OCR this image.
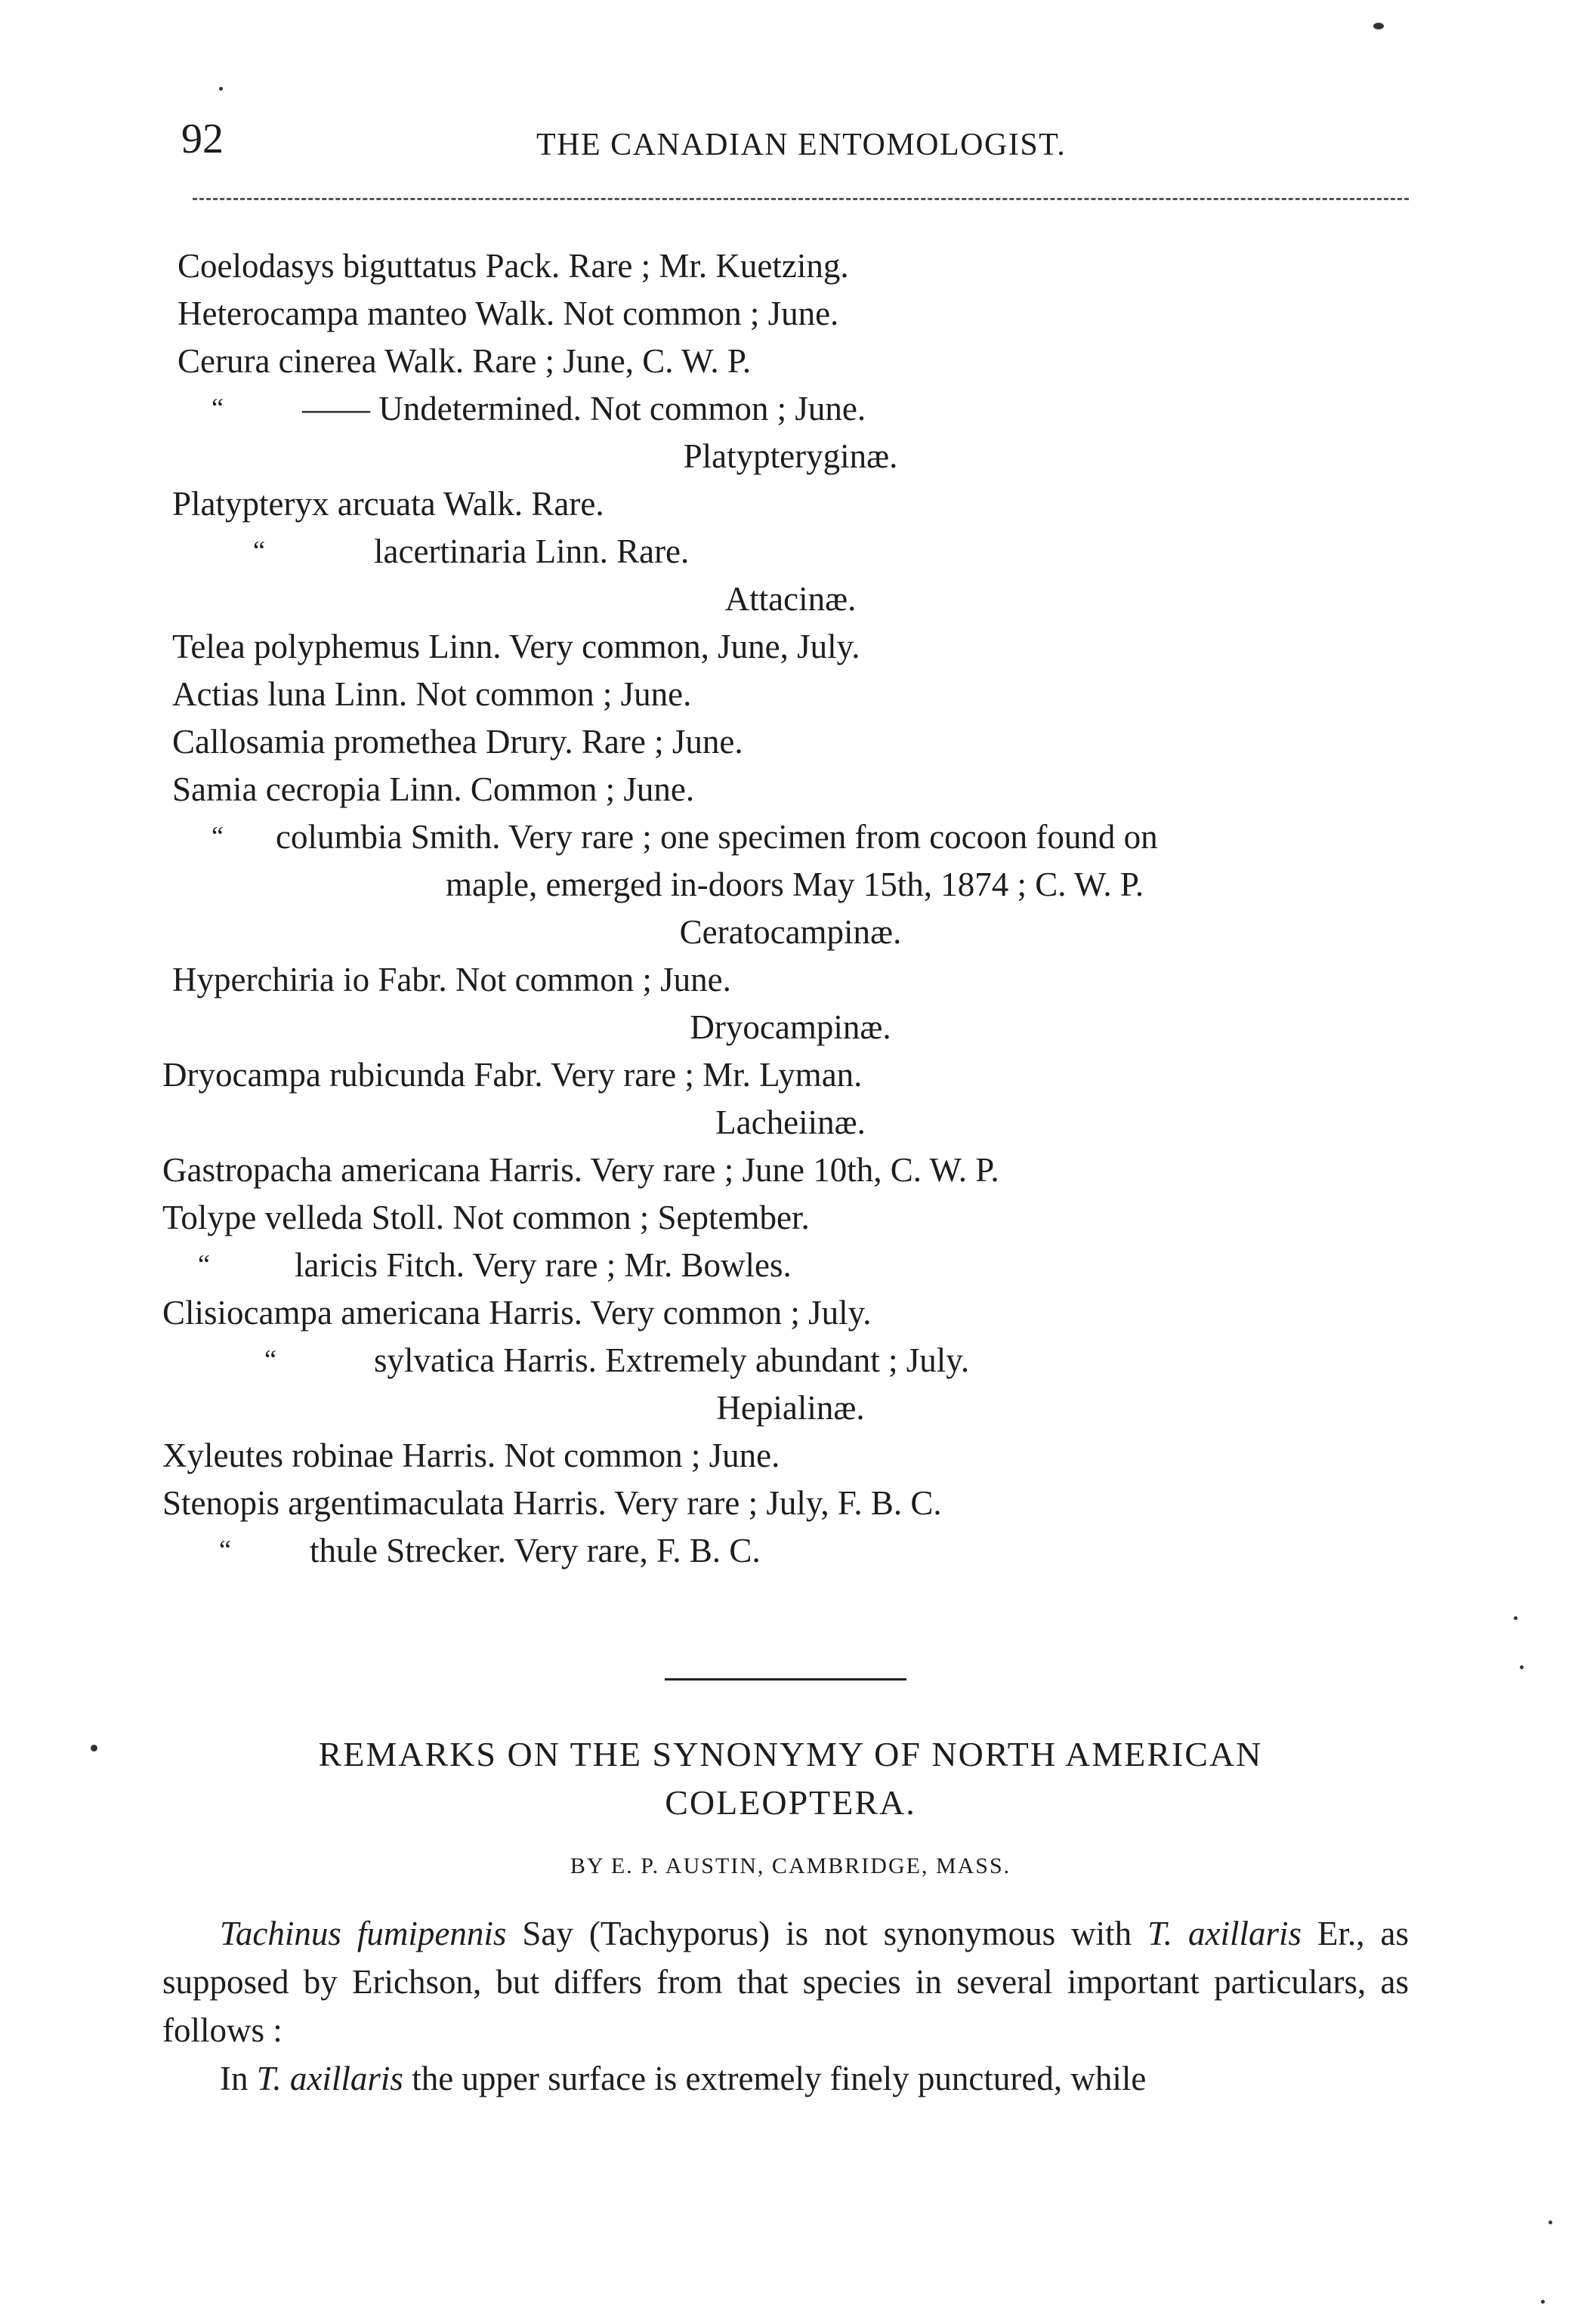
92	THE CANADIAN ENTOMOLOGIST.
Coelodasys biguttatus Pack. Rare ; Mr. Kuetzing.
Heterocampa manteo Walk. Not common ; June.
Cerura cinerea Walk. Rare ; June, C. W. P.
“ —— Undetermined. Not common ; June.
Platypteryginæ.
Platypteryx arcuata Walk. Rare.
“	lacertinaria Linn. Rare.
Attacinæ.
Telea polyphemus Linn. Very common, June, July.
Actias luna Linn. Not common ; June.
Callosamia promethea Drury. Rare ; June.
Samia cecropia Linn. Common ; June.
“ columbia Smith. Very rare ; one specimen from cocoon found on
maple, emerged in-doors May 15th, 1874 ; C. W. P.
Ceratocampinæ.
Hyperchiria io Fabr. Not common ; June.
Dryocampinæ.
Dryocampa rubicunda Fabr. Very rare ; Mr. Lyman.
Lacheiinæ.
Gastropacha americana Harris. Very rare ; June 10th, C. W. P.
Tolype velleda Stoll. Not common ; September.
“ laricis Fitch. Very rare ; Mr. Bowles.
Clisiocampa americana Harris. Very common ; July.
“	sylvatica Harris. Extremely abundant ; July.
Hepialinæ.
Xyleutes robinae Harris. Not common ; June.
Stenopis argentimaculata Harris. Very rare ; July, F. B. C.
“ thule Strecker. Very rare, F. B. C.
REMARKS ON THE SYNONYMY OF NORTH AMERICAN
COLEOPTERA.
BY E. P. AUSTIN, CAMBRIDGE, MASS.
Tachinus fumipennis Say (Tachyporus) is not synonymous with T. axillaris Er., as supposed by Erichson, but differs from that species in several important particulars, as follows :
In T. axillaris the upper surface is extremely finely punctured, while
